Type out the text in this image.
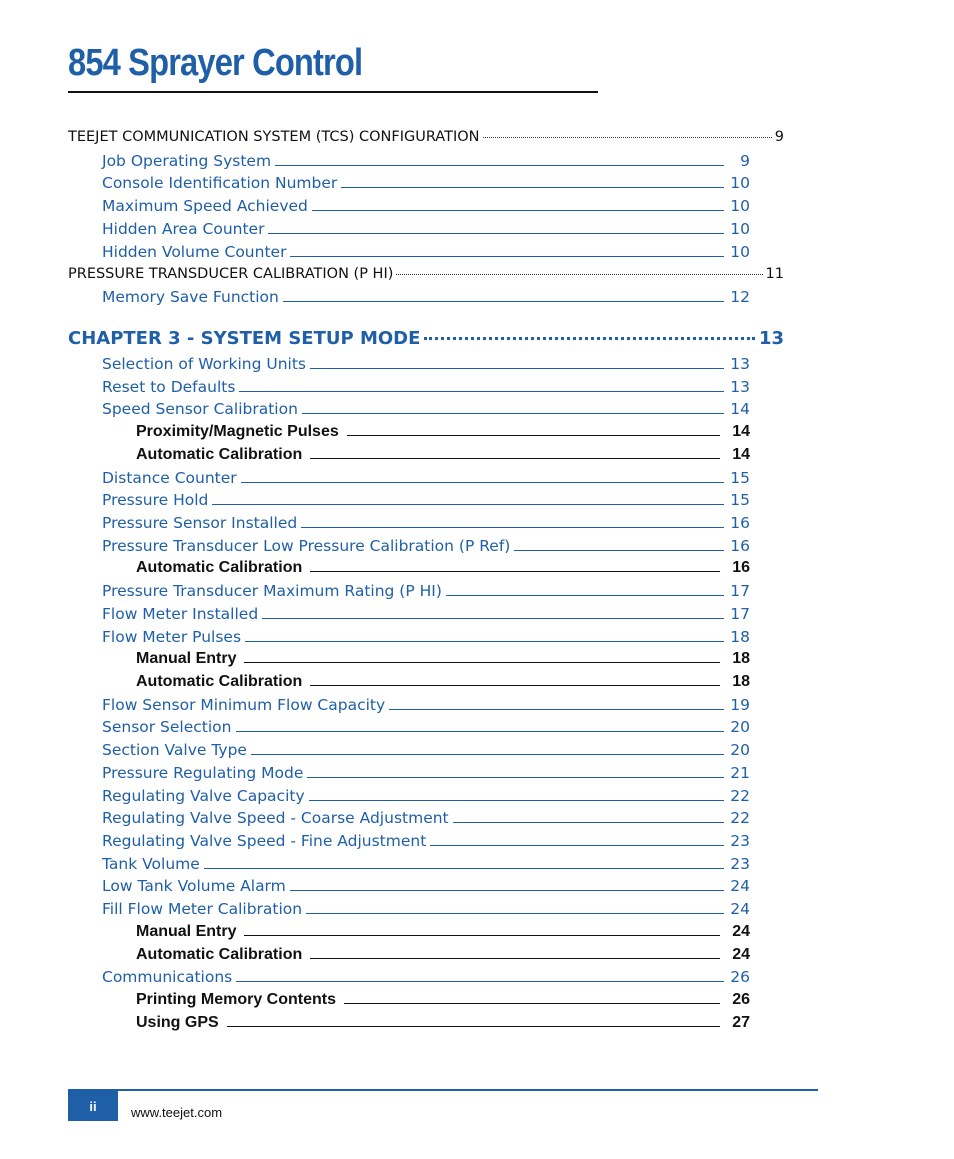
854 Sprayer Control
TEEJET COMMUNICATION SYSTEM (TCS) CONFIGURATION	9
Job Operating System	9
Console Identification Number	10
Maximum Speed Achieved	10
Hidden Area Counter	10
Hidden Volume Counter	10
PRESSURE TRANSDUCER CALIBRATION (P HI)	11
Memory Save Function	12
CHAPTER 3 - SYSTEM SETUP MODE	13
Selection of Working Units	13
Reset to Defaults	13
Speed Sensor Calibration	14
Proximity/Magnetic Pulses	14
Automatic Calibration	14
Distance Counter	15
Pressure Hold	15
Pressure Sensor Installed	16
Pressure Transducer Low Pressure Calibration (P Ref)	16
Automatic Calibration	16
Pressure Transducer Maximum Rating (P HI)	17
Flow Meter Installed	17
Flow Meter Pulses	18
Manual Entry	18
Automatic Calibration	18
Flow Sensor Minimum Flow Capacity	19
Sensor Selection	20
Section Valve Type	20
Pressure Regulating Mode	21
Regulating Valve Capacity	22
Regulating Valve Speed - Coarse Adjustment	22
Regulating Valve Speed - Fine Adjustment	23
Tank Volume	23
Low Tank Volume Alarm	24
Fill Flow Meter Calibration	24
Manual Entry	24
Automatic Calibration	24
Communications	26
Printing Memory Contents	26
Using GPS	27
ii	www.teejet.com
